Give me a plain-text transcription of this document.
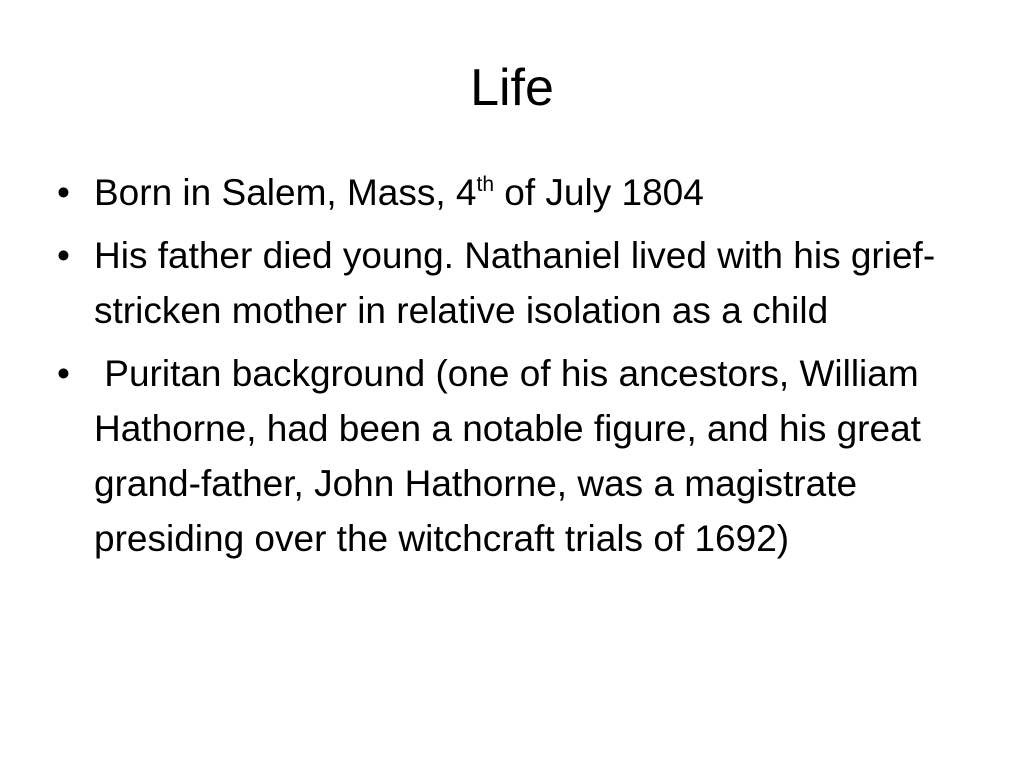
Life
• Born in Salem, Mass, 4th of July 1804
• His father died young. Nathaniel lived with his grief-stricken mother in relative isolation as a child
• Puritan background (one of his ancestors, William Hathorne, had been a notable figure, and his great grand-father, John Hathorne, was a magistrate presiding over the witchcraft trials of 1692)
